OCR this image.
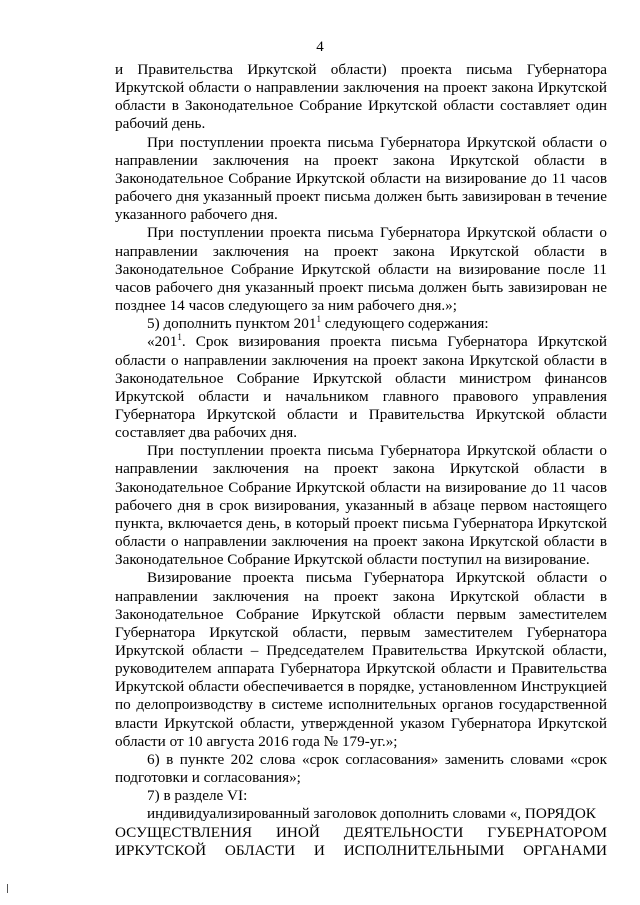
4

и Правительства Иркутской области) проекта письма Губернатора Иркутской области о направлении заключения на проект закона Иркутской области в Законодательное Собрание Иркутской области составляет один рабочий день.

При поступлении проекта письма Губернатора Иркутской области о направлении заключения на проект закона Иркутской области в Законодательное Собрание Иркутской области на визирование до 11 часов рабочего дня указанный проект письма должен быть завизирован в течение указанного рабочего дня.

При поступлении проекта письма Губернатора Иркутской области о направлении заключения на проект закона Иркутской области в Законодательное Собрание Иркутской области на визирование после 11 часов рабочего дня указанный проект письма должен быть завизирован не позднее 14 часов следующего за ним рабочего дня.»;

5) дополнить пунктом $201^1$ следующего содержания:

«$201^1$. Срок визирования проекта письма Губернатора Иркутской области о направлении заключения на проект закона Иркутской области в Законодательное Собрание Иркутской области министром финансов Иркутской области и начальником главного правового управления Губернатора Иркутской области и Правительства Иркутской области составляет два рабочих дня.

При поступлении проекта письма Губернатора Иркутской области о направлении заключения на проект закона Иркутской области в Законодательное Собрание Иркутской области на визирование до 11 часов рабочего дня в срок визирования, указанный в абзаце первом настоящего пункта, включается день, в который проект письма Губернатора Иркутской области о направлении заключения на проект закона Иркутской области в Законодательное Собрание Иркутской области поступил на визирование.

Визирование проекта письма Губернатора Иркутской области о направлении заключения на проект закона Иркутской области в Законодательное Собрание Иркутской области первым заместителем Губернатора Иркутской области, первым заместителем Губернатора Иркутской области – Председателем Правительства Иркутской области, руководителем аппарата Губернатора Иркутской области и Правительства Иркутской области обеспечивается в порядке, установленном Инструкцией по делопроизводству в системе исполнительных органов государственной власти Иркутской области, утвержденной указом Губернатора Иркутской области от 10 августа 2016 года № 179-уг.»;

6) в пункте 202 слова «срок согласования» заменить словами «срок подготовки и согласования»;

7) в разделе VI:

индивидуализированный заголовок дополнить словами «, ПОРЯДОК

ОСУЩЕСТВЛЕНИЯ ИНОЙ ДЕЯТЕЛЬНОСТИ ГУБЕРНАТОРОМ
ИРКУТСКОЙ ОБЛАСТИ И ИСПОЛНИТЕЛЬНЫМИ ОРГАНАМИ
